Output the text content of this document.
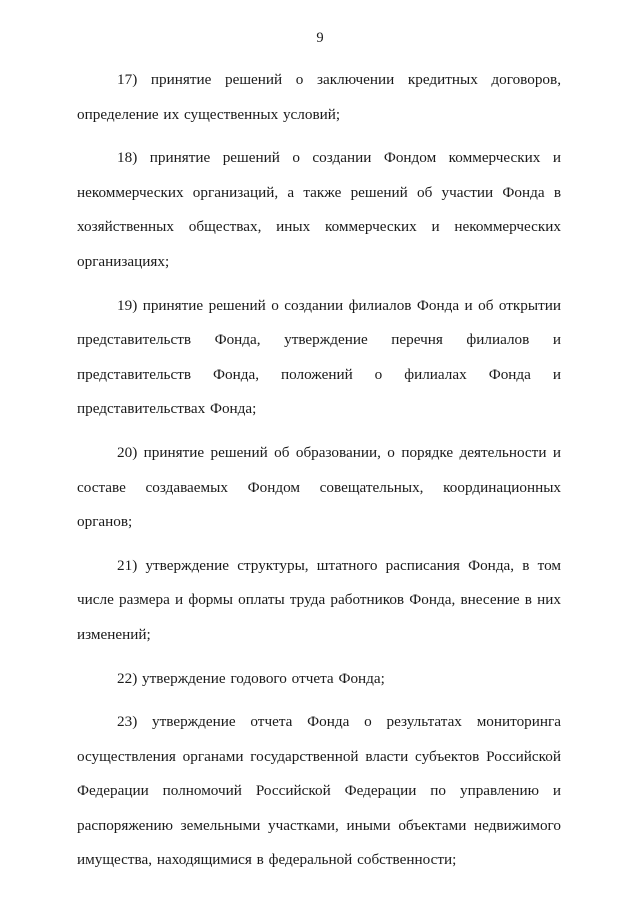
9

17) принятие решений о заключении кредитных договоров,
определение их существенных условий;

18) принятие решений о создании Фондом коммерческих и
некоммерческих организаций, а также решений об участии Фонда в
хозяйственных обществах, иных коммерческих и некоммерческих
организациях;

19) принятие решений о создании филиалов Фонда и об открытии
представительств Фонда, утверждение перечня филиалов и
представительств Фонда, положений о филиалах Фонда и
представительствах Фонда;

20) принятие решений об образовании, о порядке деятельности и
составе создаваемых Фондом совещательных, координационных органов;

21) утверждение структуры, штатного расписания Фонда, в том
числе размера и формы оплаты труда работников Фонда, внесение в них
изменений;

22) утверждение годового отчета Фонда;

23) утверждение отчета Фонда о результатах мониторинга
осуществления органами государственной власти субъектов Российской
Федерации полномочий Российской Федерации по управлению и
распоряжению земельными участками, иными объектами недвижимого
имущества, находящимися в федеральной собственности;
